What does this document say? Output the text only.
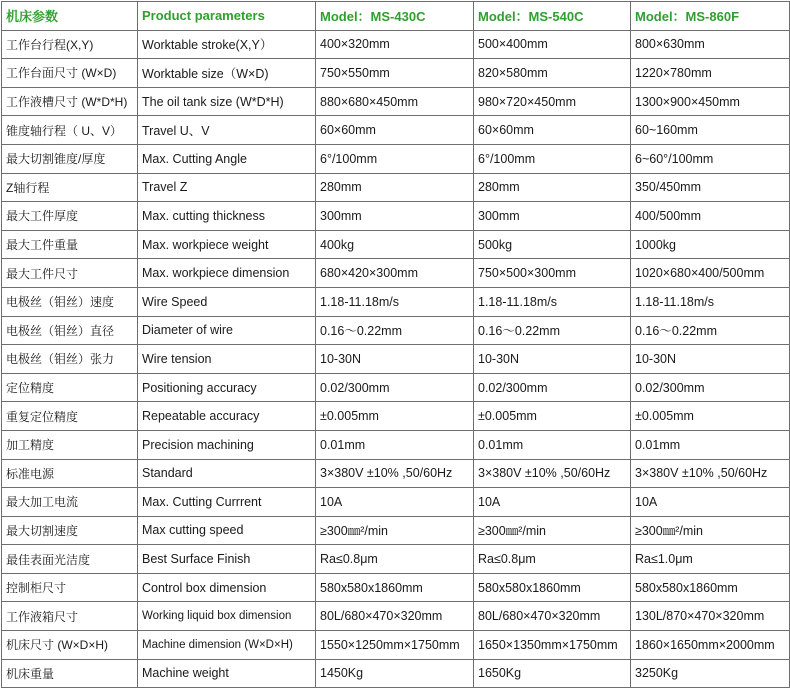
机床参数	Product parameters	Model：MS-430C	Model：MS-540C	Model：MS-860F
工作台行程(X,Y)	Worktable stroke(X,Y）	400×320mm	500×400mm	800×630mm
工作台面尺寸 (W×D)	Worktable size（W×D)	750×550mm	820×580mm	1220×780mm
工作液槽尺寸 (W*D*H)	The oil tank size (W*D*H)	880×680×450mm	980×720×450mm	1300×900×450mm
锥度轴行程（ U、V）	Travel U、V	60×60mm	60×60mm	60~160mm
最大切割锥度/厚度	Max. Cutting Angle	6°/100mm	6°/100mm	6~60°/100mm
Z轴行程	Travel Z	280mm	280mm	350/450mm
最大工件厚度	Max. cutting thickness	300mm	300mm	400/500mm
最大工件重量	Max. workpiece weight	400kg	500kg	1000kg
最大工件尺寸	Max. workpiece dimension	680×420×300mm	750×500×300mm	1020×680×400/500mm
电极丝（钼丝）速度	Wire Speed	1.18-11.18m/s	1.18-11.18m/s	1.18-11.18m/s
电极丝（钼丝）直径	Diameter of wire	0.16～0.22mm	0.16～0.22mm	0.16～0.22mm
电极丝（钼丝）张力	Wire tension	10-30N	10-30N	10-30N
定位精度	Positioning accuracy	0.02/300mm	0.02/300mm	0.02/300mm
重复定位精度	Repeatable accuracy	±0.005mm	±0.005mm	±0.005mm
加工精度	Precision machining	0.01mm	0.01mm	0.01mm
标准电源	Standard	3×380V ±10% ,50/60Hz	3×380V ±10% ,50/60Hz	3×380V ±10% ,50/60Hz
最大加工电流	Max. Cutting Currrent	10A	10A	10A
最大切割速度	Max cutting speed	≥300㎜²/min	≥300㎜²/min	≥300㎜²/min
最佳表面光洁度	Best Surface Finish	Ra≤0.8μm	Ra≤0.8μm	Ra≤1.0μm
控制柜尺寸	Control box dimension	580x580x1860mm	580x580x1860mm	580x580x1860mm
工作液箱尺寸	Working liquid box dimension	80L/680×470×320mm	80L/680×470×320mm	130L/870×470×320mm
机床尺寸 (W×D×H)	Machine dimension (W×D×H)	1550×1250mm×1750mm	1650×1350mm×1750mm	1860×1650mm×2000mm
机床重量	Machine weight	1450Kg	1650Kg	3250Kg
